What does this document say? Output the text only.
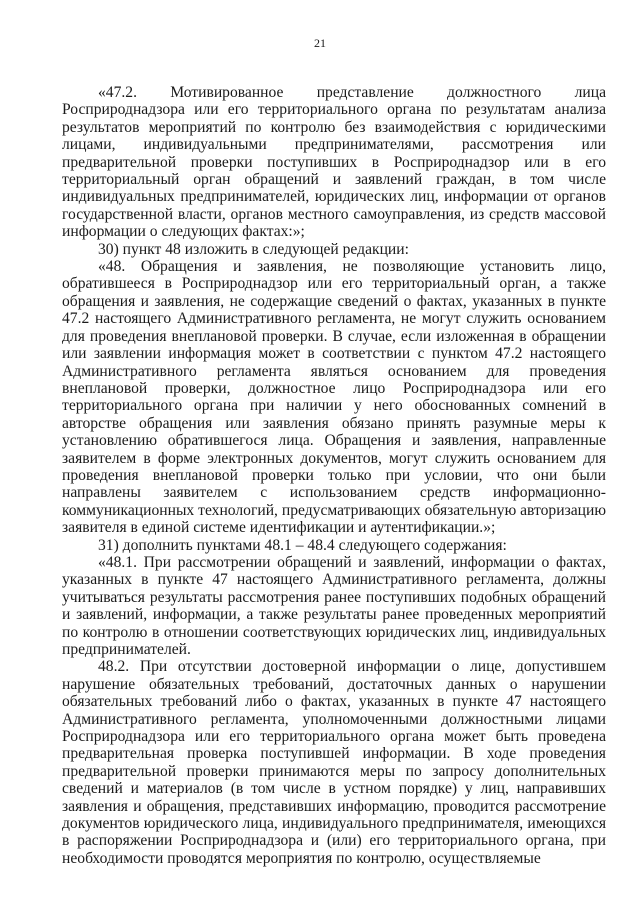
21

«47.2. Мотивированное представление должностного лица Росприроднадзора или его территориального органа по результатам анализа результатов мероприятий по контролю без взаимодействия с юридическими лицами, индивидуальными предпринимателями, рассмотрения или предварительной проверки поступивших в Росприроднадзор или в его территориальный орган обращений и заявлений граждан, в том числе индивидуальных предпринимателей, юридических лиц, информации от органов государственной власти, органов местного самоуправления, из средств массовой информации о следующих фактах:»;

30) пункт 48 изложить в следующей редакции:

«48. Обращения и заявления, не позволяющие установить лицо, обратившееся в Росприроднадзор или его территориальный орган, а также обращения и заявления, не содержащие сведений о фактах, указанных в пункте 47.2 настоящего Административного регламента, не могут служить основанием для проведения внеплановой проверки. В случае, если изложенная в обращении или заявлении информация может в соответствии с пунктом 47.2 настоящего Административного регламента являться основанием для проведения внеплановой проверки, должностное лицо Росприроднадзора или его территориального органа при наличии у него обоснованных сомнений в авторстве обращения или заявления обязано принять разумные меры к установлению обратившегося лица. Обращения и заявления, направленные заявителем в форме электронных документов, могут служить основанием для проведения внеплановой проверки только при условии, что они были направлены заявителем с использованием средств информационно-коммуникационных технологий, предусматривающих обязательную авторизацию заявителя в единой системе идентификации и аутентификации.»;

31) дополнить пунктами 48.1 – 48.4 следующего содержания:

«48.1. При рассмотрении обращений и заявлений, информации о фактах, указанных в пункте 47 настоящего Административного регламента, должны учитываться результаты рассмотрения ранее поступивших подобных обращений и заявлений, информации, а также результаты ранее проведенных мероприятий по контролю в отношении соответствующих юридических лиц, индивидуальных предпринимателей.

48.2. При отсутствии достоверной информации о лице, допустившем нарушение обязательных требований, достаточных данных о нарушении обязательных требований либо о фактах, указанных в пункте 47 настоящего Административного регламента, уполномоченными должностными лицами Росприроднадзора или его территориального органа может быть проведена предварительная проверка поступившей информации. В ходе проведения предварительной проверки принимаются меры по запросу дополнительных сведений и материалов (в том числе в устном порядке) у лиц, направивших заявления и обращения, представивших информацию, проводится рассмотрение документов юридического лица, индивидуального предпринимателя, имеющихся в распоряжении Росприроднадзора и (или) его территориального органа, при необходимости проводятся мероприятия по контролю, осуществляемые
